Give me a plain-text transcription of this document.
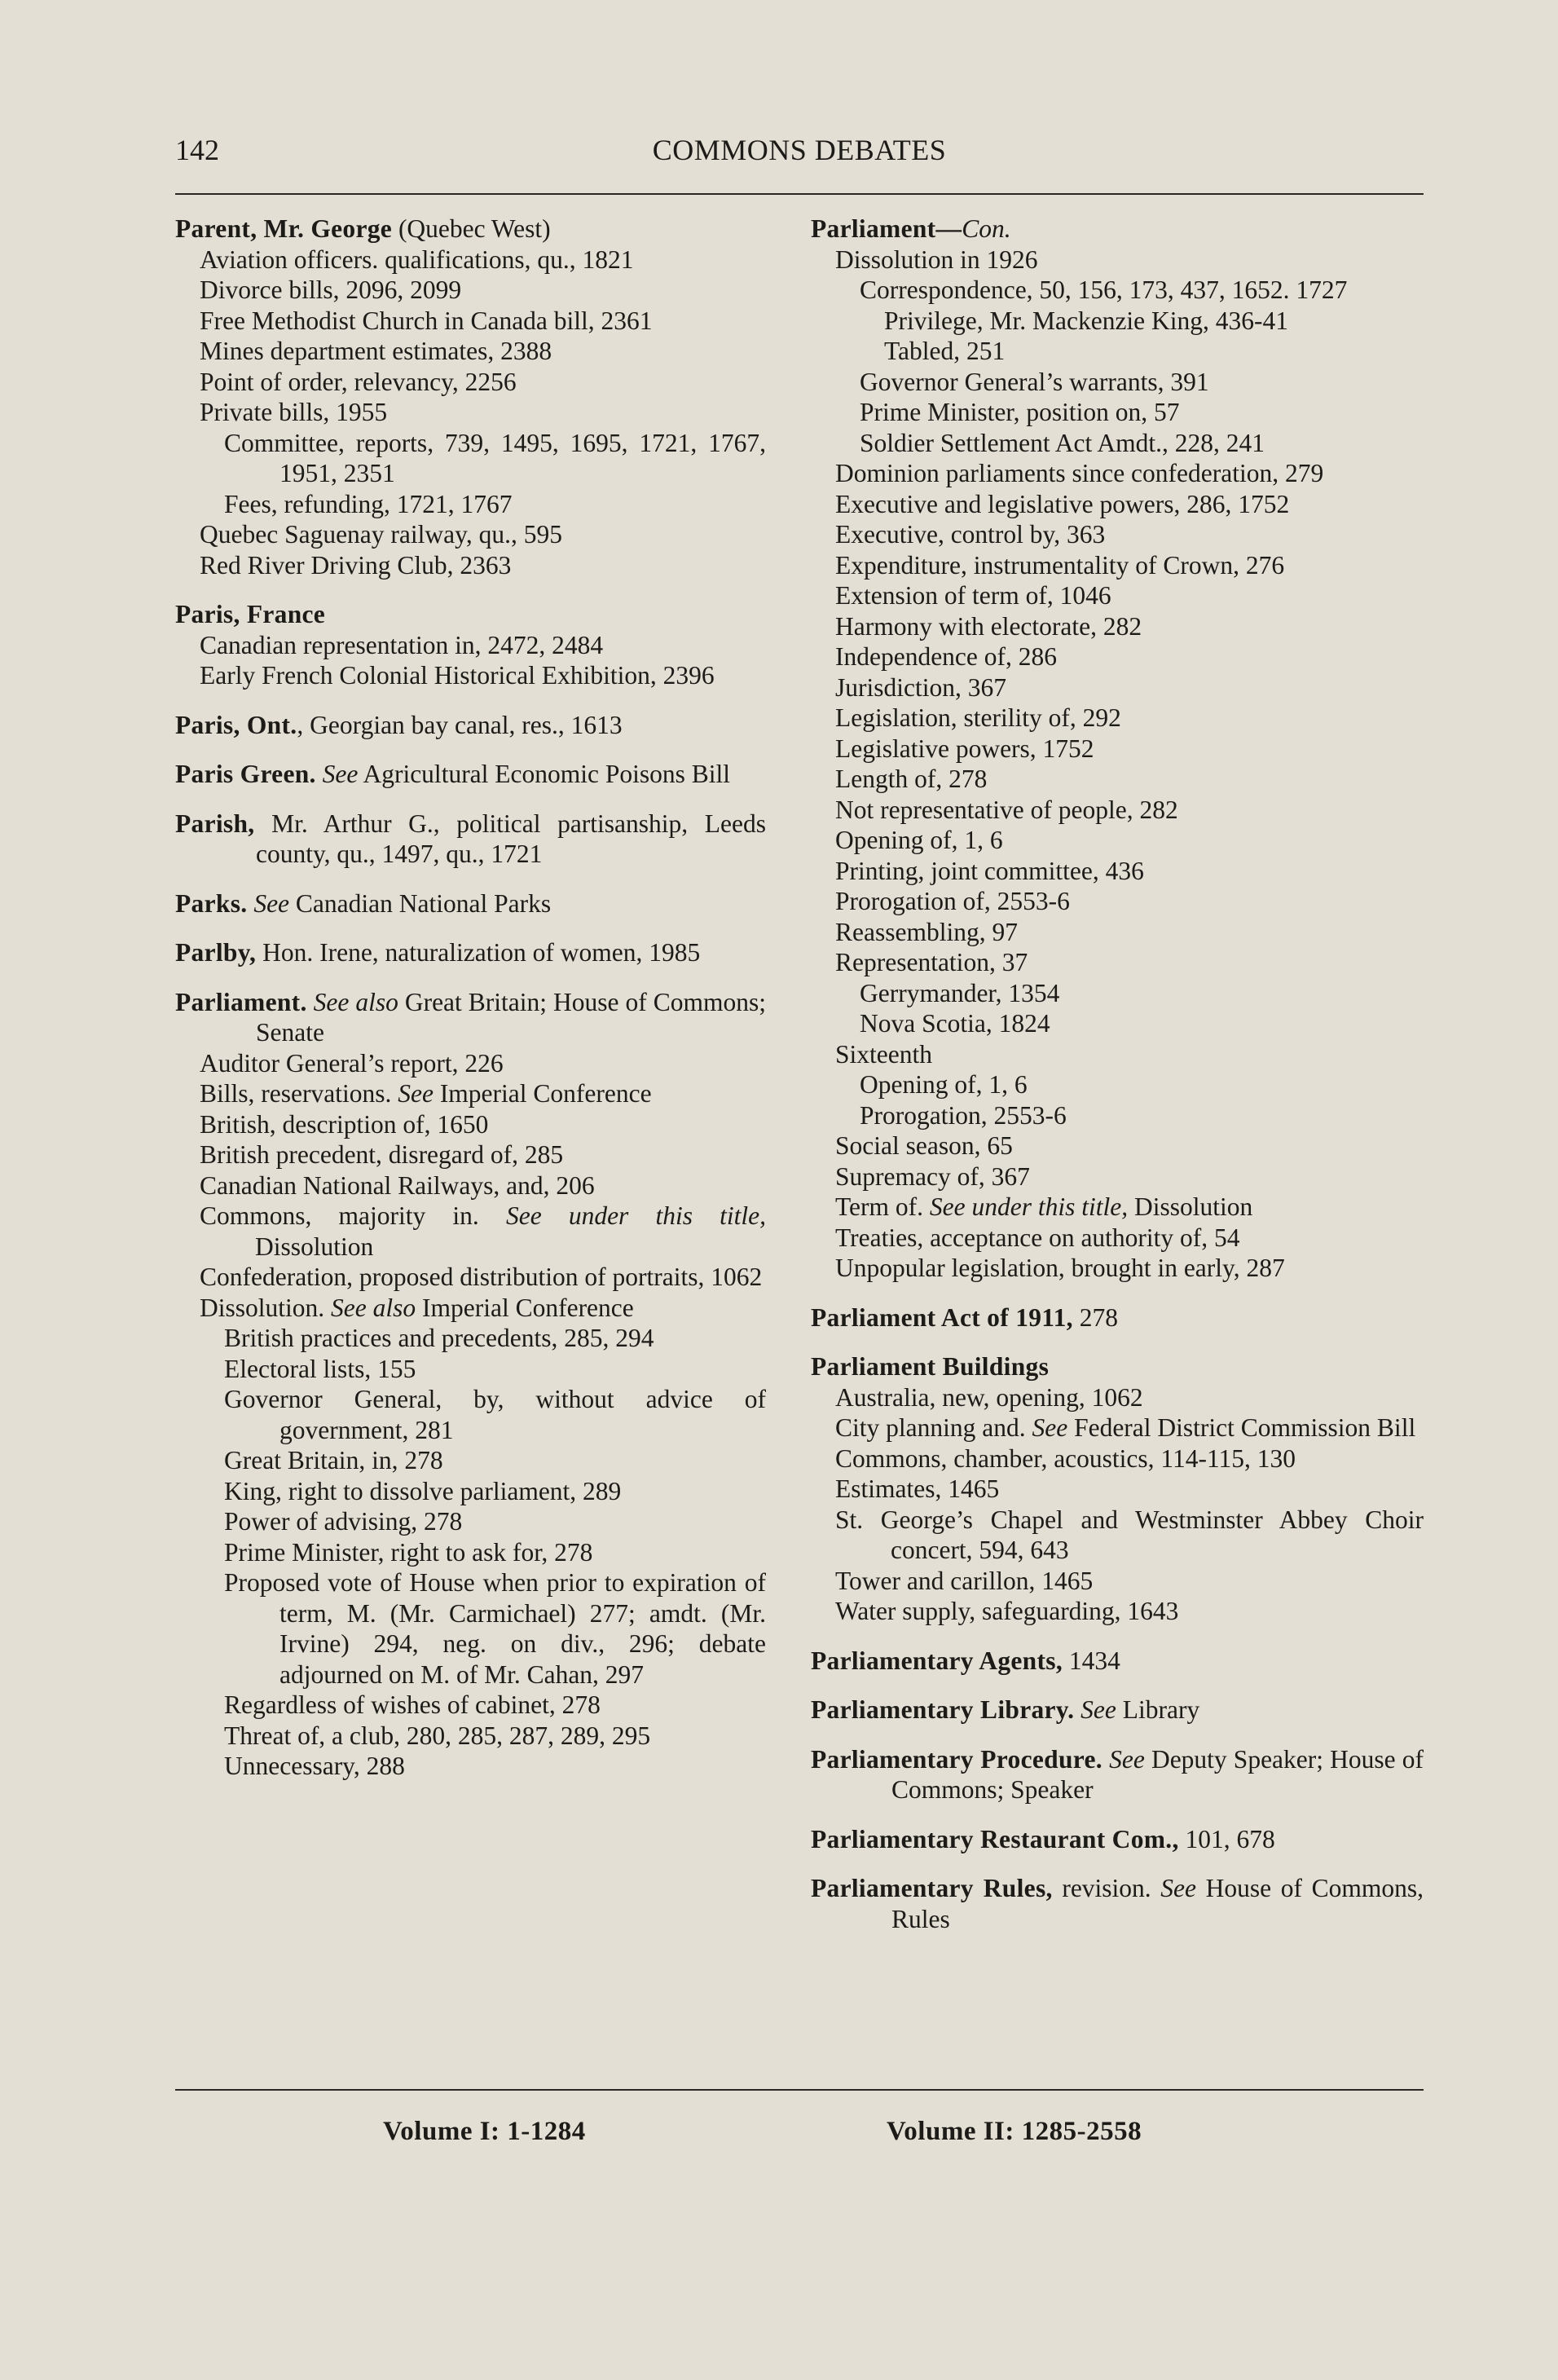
142	COMMONS DEBATES
Parent, Mr. George (Quebec West)
Aviation officers. qualifications, qu., 1821
Divorce bills, 2096, 2099
Free Methodist Church in Canada bill, 2361
Mines department estimates, 2388
Point of order, relevancy, 2256
Private bills, 1955
Committee, reports, 739, 1495, 1695, 1721, 1767, 1951, 2351
Fees, refunding, 1721, 1767
Quebec Saguenay railway, qu., 595
Red River Driving Club, 2363
Paris, France
Canadian representation in, 2472, 2484
Early French Colonial Historical Exhibition, 2396
Paris, Ont., Georgian bay canal, res., 1613
Paris Green. See Agricultural Economic Poisons Bill
Parish, Mr. Arthur G., political partisanship, Leeds county, qu., 1497, qu., 1721
Parks. See Canadian National Parks
Parlby, Hon. Irene, naturalization of women, 1985
Parliament. See also Great Britain; House of Commons; Senate
Auditor General’s report, 226
Bills, reservations. See Imperial Conference
British, description of, 1650
British precedent, disregard of, 285
Canadian National Railways, and, 206
Commons, majority in. See under this title, Dissolution
Confederation, proposed distribution of portraits, 1062
Dissolution. See also Imperial Conference
British practices and precedents, 285, 294
Electoral lists, 155
Governor General, by, without advice of government, 281
Great Britain, in, 278
King, right to dissolve parliament, 289
Power of advising, 278
Prime Minister, right to ask for, 278
Proposed vote of House when prior to expiration of term, M. (Mr. Carmichael) 277; amdt. (Mr. Irvine) 294, neg. on div., 296; debate adjourned on M. of Mr. Cahan, 297
Regardless of wishes of cabinet, 278
Threat of, a club, 280, 285, 287, 289, 295
Unnecessary, 288
Parliament—Con.
Dissolution in 1926
Correspondence, 50, 156, 173, 437, 1652. 1727
Privilege, Mr. Mackenzie King, 436-41
Tabled, 251
Governor General’s warrants, 391
Prime Minister, position on, 57
Soldier Settlement Act Amdt., 228, 241
Dominion parliaments since confederation, 279
Executive and legislative powers, 286, 1752
Executive, control by, 363
Expenditure, instrumentality of Crown, 276
Extension of term of, 1046
Harmony with electorate, 282
Independence of, 286
Jurisdiction, 367
Legislation, sterility of, 292
Legislative powers, 1752
Length of, 278
Not representative of people, 282
Opening of, 1, 6
Printing, joint committee, 436
Prorogation of, 2553-6
Reassembling, 97
Representation, 37
Gerrymander, 1354
Nova Scotia, 1824
Sixteenth
Opening of, 1, 6
Prorogation, 2553-6
Social season, 65
Supremacy of, 367
Term of. See under this title, Dissolution
Treaties, acceptance on authority of, 54
Unpopular legislation, brought in early, 287
Parliament Act of 1911, 278
Parliament Buildings
Australia, new, opening, 1062
City planning and. See Federal District Commission Bill
Commons, chamber, acoustics, 114-115, 130
Estimates, 1465
St. George’s Chapel and Westminster Abbey Choir concert, 594, 643
Tower and carillon, 1465
Water supply, safeguarding, 1643
Parliamentary Agents, 1434
Parliamentary Library. See Library
Parliamentary Procedure. See Deputy Speaker; House of Commons; Speaker
Parliamentary Restaurant Com., 101, 678
Parliamentary Rules, revision. See House of Commons, Rules
Volume I: 1-1284	Volume II: 1285-2558
